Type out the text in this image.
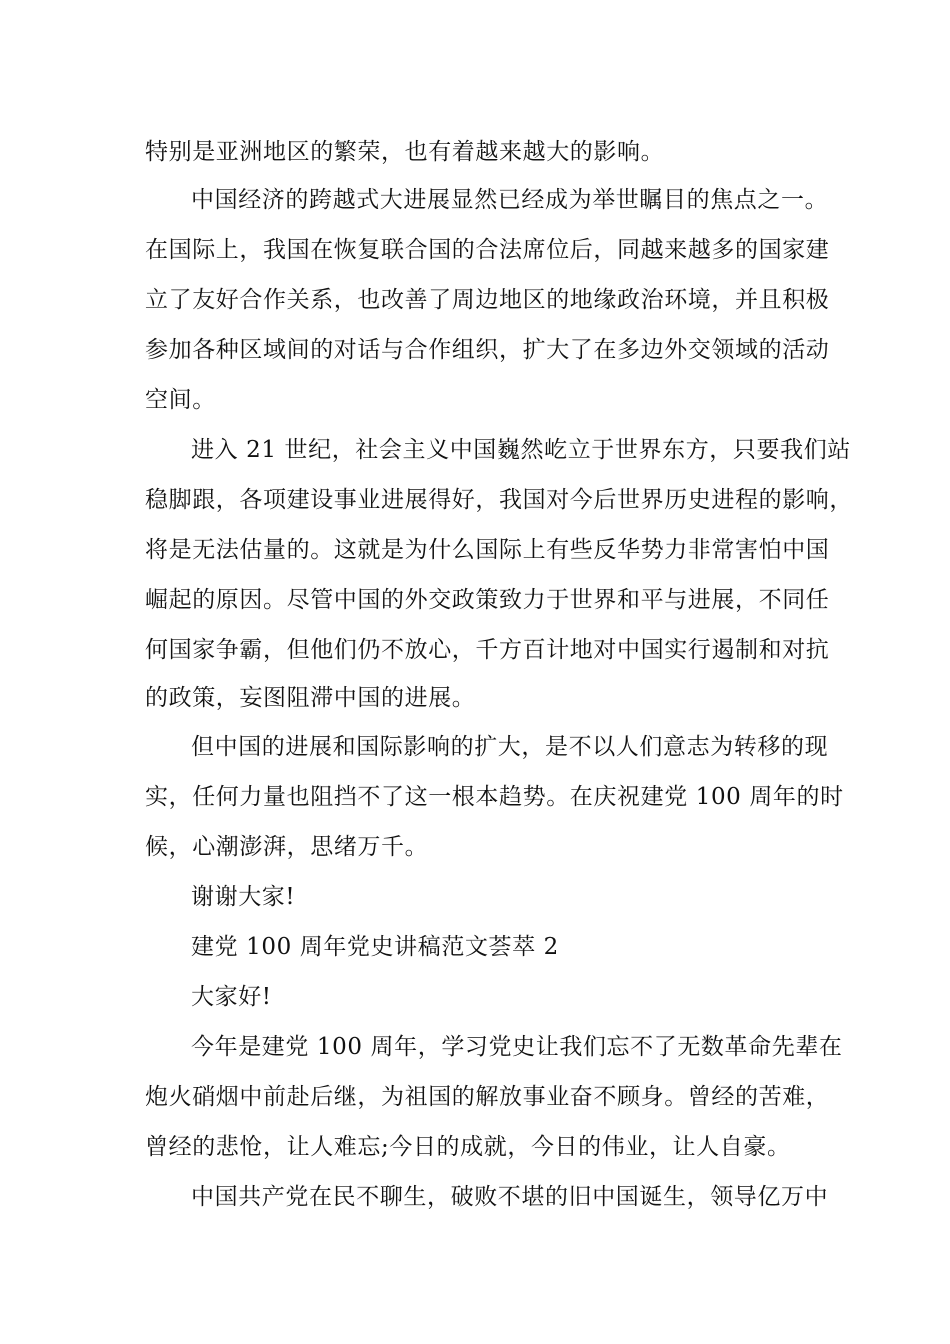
特别是亚洲地区的繁荣，也有着越来越大的影响。
中国经济的跨越式大进展显然已经成为举世瞩目的焦点之一。
在国际上，我国在恢复联合国的合法席位后，同越来越多的国家建
立了友好合作关系，也改善了周边地区的地缘政治环境，并且积极
参加各种区域间的对话与合作组织，扩大了在多边外交领域的活动
空间。
进入 21 世纪，社会主义中国巍然屹立于世界东方，只要我们站
稳脚跟，各项建设事业进展得好，我国对今后世界历史进程的影响，
将是无法估量的。这就是为什么国际上有些反华势力非常害怕中国
崛起的原因。尽管中国的外交政策致力于世界和平与进展，不同任
何国家争霸，但他们仍不放心，千方百计地对中国实行遏制和对抗
的政策，妄图阻滞中国的进展。
但中国的进展和国际影响的扩大，是不以人们意志为转移的现
实，任何力量也阻挡不了这一根本趋势。在庆祝建党 100 周年的时
候，心潮澎湃，思绪万千。
谢谢大家!
建党 100 周年党史讲稿范文荟萃 2
大家好!
今年是建党 100 周年，学习党史让我们忘不了无数革命先辈在
炮火硝烟中前赴后继，为祖国的解放事业奋不顾身。曾经的苦难，
曾经的悲怆，让人难忘;今日的成就，今日的伟业，让人自豪。
中国共产党在民不聊生，破败不堪的旧中国诞生，领导亿万中
